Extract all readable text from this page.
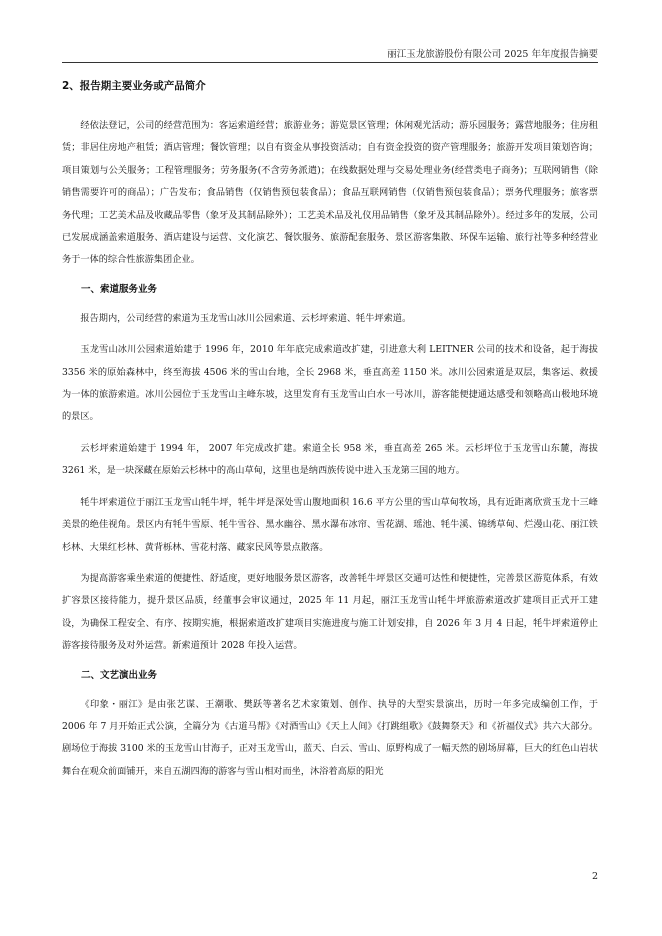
丽江玉龙旅游股份有限公司 2025 年年度报告摘要
2、报告期主要业务或产品简介

经依法登记，公司的经营范围为：客运索道经营；旅游业务；游览景区管理；休闲观光活动；游乐园服务；露营地服务；住房租赁；非居住房地产租赁；酒店管理；餐饮管理；以自有资金从事投资活动；自有资金投资的资产管理服务；旅游开发项目策划咨询；项目策划与公关服务；工程管理服务；劳务服务(不含劳务派遣)；在线数据处理与交易处理业务(经营类电子商务)；互联网销售（除销售需要许可的商品）；广告发布；食品销售（仅销售预包装食品）；食品互联网销售（仅销售预包装食品）；票务代理服务；旅客票务代理；工艺美术品及收藏品零售（象牙及其制品除外）；工艺美术品及礼仪用品销售（象牙及其制品除外）。经过多年的发展，公司已发展成涵盖索道服务、酒店建设与运营、文化演艺、餐饮服务、旅游配套服务、景区游客集散、环保车运输、旅行社等多种经营业务于一体的综合性旅游集团企业。

一、索道服务业务

报告期内，公司经营的索道为玉龙雪山冰川公园索道、云杉坪索道、牦牛坪索道。

玉龙雪山冰川公园索道始建于 1996 年，2010 年年底完成索道改扩建，引进意大利 LEITNER 公司的技术和设备，起于海拔 3356 米的原始森林中，终至海拔 4506 米的雪山台地，全长 2968 米，垂直高差 1150 米。冰川公园索道是双层，集客运、救援为一体的旅游索道。冰川公园位于玉龙雪山主峰东坡，这里发育有玉龙雪山白水一号冰川，游客能便捷通达感受和领略高山极地环境的景区。

云杉坪索道始建于 1994 年， 2007 年完成改扩建。索道全长 958 米，垂直高差 265 米。云杉坪位于玉龙雪山东麓，海拔 3261 米，是一块深藏在原始云杉林中的高山草甸，这里也是纳西族传说中进入玉龙第三国的地方。

牦牛坪索道位于丽江玉龙雪山牦牛坪，牦牛坪是深处雪山腹地面积 16.6 平方公里的雪山草甸牧场，具有近距离欣赏玉龙十三峰美景的绝佳视角。景区内有牦牛雪原、牦牛雪谷、黑水幽谷、黑水瀑布冰帘、雪花湖、瑶池、牦牛溪、锦绣草甸、烂漫山花、丽江铁杉林、大果红杉林、黄背栎林、雪花村落、藏家民风等景点散落。

为提高游客乘坐索道的便捷性、舒适度，更好地服务景区游客，改善牦牛坪景区交通可达性和便捷性，完善景区游览体系，有效扩容景区接待能力，提升景区品质，经董事会审议通过，2025 年 11 月起，丽江玉龙雪山牦牛坪旅游索道改扩建项目正式开工建设，为确保工程安全、有序、按期实施，根据索道改扩建项目实施进度与施工计划安排，自 2026 年 3 月 4 日起，牦牛坪索道停止游客接待服务及对外运营。新索道预计 2028 年投入运营。

二、文艺演出业务

《印象・丽江》是由张艺谋、王潮歌、樊跃等著名艺术家策划、创作、执导的大型实景演出，历时一年多完成编创工作，于 2006 年 7 月开始正式公演，全篇分为《古道马帮》《对酒雪山》《天上人间》《打跳组歌》《鼓舞祭天》和《祈福仪式》共六大部分。剧场位于海拔 3100 米的玉龙雪山甘海子，正对玉龙雪山，蓝天、白云、雪山、原野构成了一幅天然的剧场屏幕，巨大的红色山岩状舞台在观众前面铺开，来自五湖四海的游客与雪山相对而坐，沐浴着高原的阳光

2
